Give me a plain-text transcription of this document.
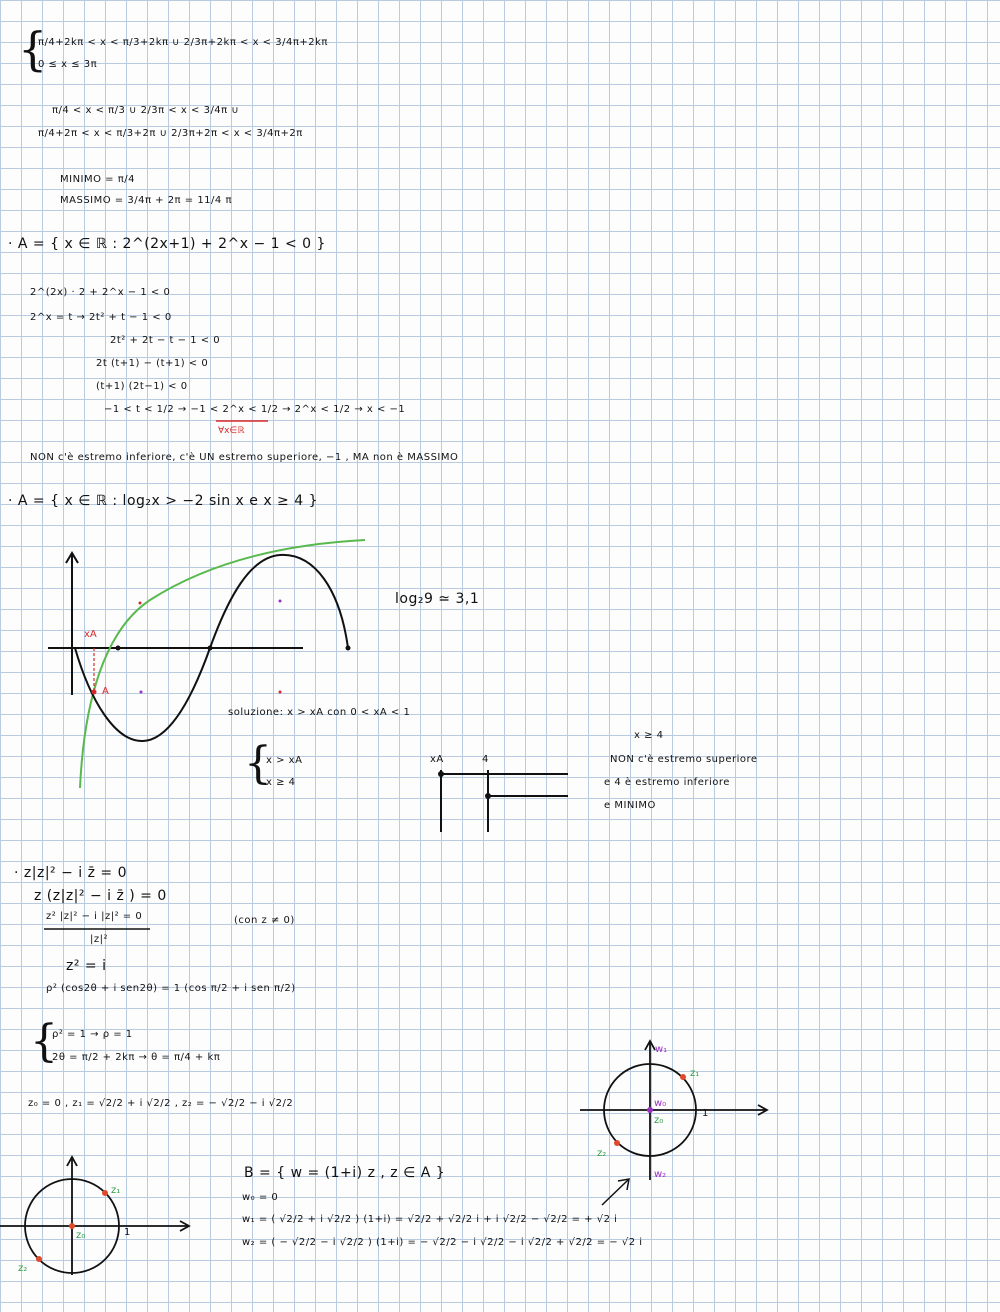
{
π/4+2kπ < x < π/3+2kπ ∪ 2/3π+2kπ < x < 3/4π+2kπ
0 ≤ x ≤ 3π
π/4 < x < π/3 ∪ 2/3π < x < 3/4π ∪
π/4+2π < x < π/3+2π ∪ 2/3π+2π < x < 3/4π+2π
MINIMO = π/4
MASSIMO = 3/4π + 2π = 11/4 π
· A = { x ∈ ℝ : 2^(2x+1) + 2^x − 1 < 0 }
2^(2x) · 2 + 2^x − 1 < 0
2^x = t → 2t² + t − 1 < 0
2t² + 2t − t − 1 < 0
2t (t+1) − (t+1) < 0
(t+1) (2t−1) < 0
−1 < t < 1/2 → −1 < 2^x < 1/2 → 2^x < 1/2 → x < −1
∀x∈ℝ
NON c'è estremo inferiore, c'è UN estremo superiore, −1 , MA non è MASSIMO
· A = { x ∈ ℝ : log₂x > −2 sin x e x ≥ 4 }
xA
A
log₂9 ≃ 3,1
soluzione: x > xA con 0 < xA < 1
{
x > xA
x ≥ 4
xA	4
x ≥ 4
NON c'è estremo superiore
e 4 è estremo inferiore
e MINIMO
· z|z|² − i z̄ = 0
z (z|z|² − i z̄ ) = 0
z² |z|² − i |z|² = 0
|z|²
(con z ≠ 0)
z² = i
ρ² (cos2θ + i sen2θ) = 1 (cos π/2 + i sen π/2)
{
ρ² = 1 → ρ = 1
2θ = π/2 + 2kπ → θ = π/4 + kπ
z₀ = 0 , z₁ = √2/2 + i √2/2 , z₂ = − √2/2 − i √2/2
B = { w = (1+i) z , z ∈ A }
w₀ = 0
w₁ = ( √2/2 + i √2/2 ) (1+i) = √2/2 + √2/2 i + i √2/2 − √2/2 = + √2 i
w₂ = ( − √2/2 − i √2/2 ) (1+i) = − √2/2 − i √2/2 − i √2/2 + √2/2 = − √2 i
w₁
z₁
w₀
z₀
1
z₂
w₂
z₁
z₀	1
z₂
